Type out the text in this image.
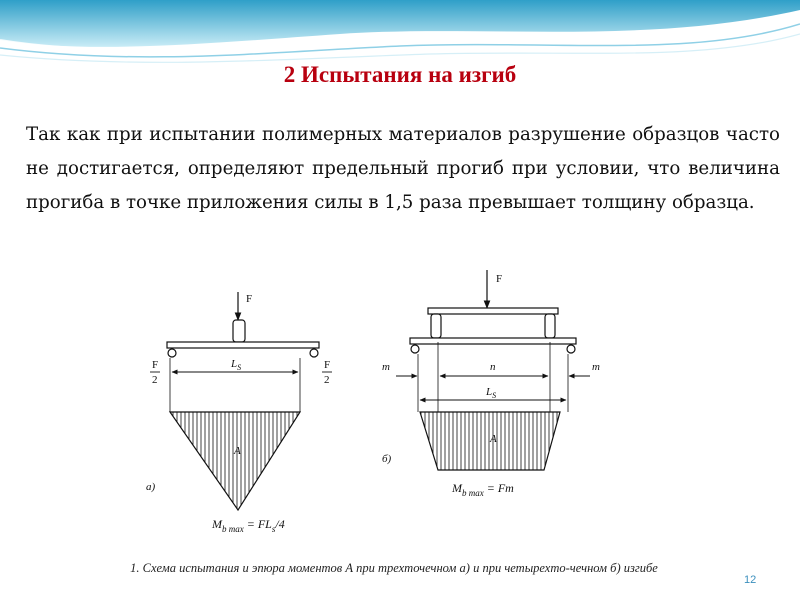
2 Испытания на изгиб

Так как при испытании полимерных материалов разрушение образцов часто не достигается, определяют предельный прогиб при условии, что величина прогиба в точке приложения силы в 1,5 раза превышает толщину образца.

F
F
2
F
2
$L_S$
A
а)
$M_{b max} = FL_s/4$
F
m	n	m
$L_S$
A
б)
$M_{b max} = Fm$

1. Схема испытания и эпюра моментов А при трехточечном а) и при четырехто-чечном б) изгибе

12
